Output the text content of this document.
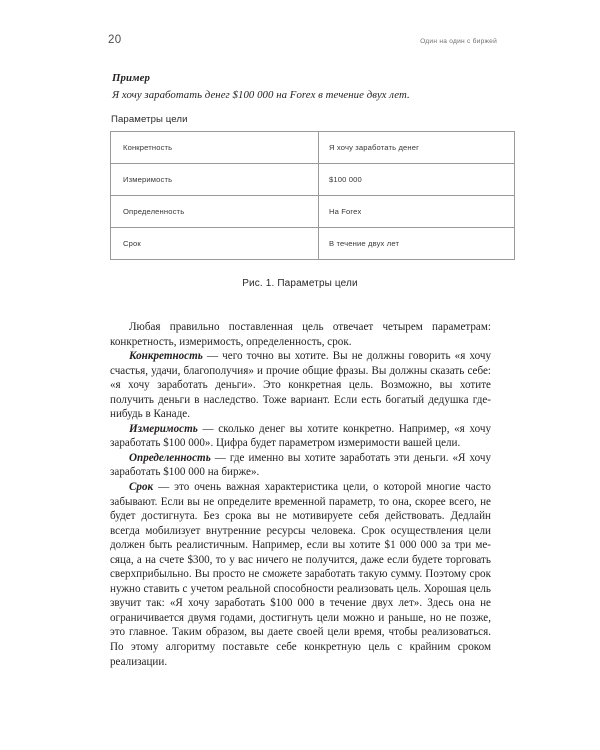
20	Один на один с биржей
Пример
Я хочу заработать денег $100 000 на Forex в течение двух лет.
Параметры цели
Конкретность	Я хочу заработать денег
Измеримость	$100 000
Определенность	На Forex
Срок	В течение двух лет
Рис. 1. Параметры цели

Любая правильно поставленная цель отвечает четырем параметрам: конкретность, измеримость, определенность, срок.

Конкретность — чего точно вы хотите. Вы не должны говорить «я хочу счастья, удачи, благополучия» и прочие общие фразы. Вы должны сказать себе: «я хочу заработать деньги». Это конкретная цель. Возможно, вы хотите получить деньги в наследство. Тоже вариант. Если есть богатый дедушка где-нибудь в Канаде.

Измеримость — сколько денег вы хотите конкретно. Например, «я хочу заработать $100 000». Цифра будет параметром измеримости вашей цели.

Определенность — где именно вы хотите заработать эти деньги. «Я хочу заработать $100 000 на бирже».

Срок — это очень важная характеристика цели, о которой многие часто забывают. Если вы не определите временной параметр, то она, скорее всего, не будет достигнута. Без срока вы не мотивируете себя действовать. Дедлайн всегда мобилизует внутренние ресурсы человека. Срок осуществления цели должен быть реалистичным. Например, если вы хотите $1 000 000 за три месяца, а на счете $300, то у вас ничего не получится, даже если будете торговать сверхприбыльно. Вы просто не сможете заработать такую сумму. Поэтому срок нужно ставить с учетом реальной способности реализовать цель. Хорошая цель звучит так: «Я хочу заработать $100 000 в течение двух лет». Здесь она не ограничивается двумя годами, достигнуть цели можно и раньше, но не позже, это главное. Таким образом, вы даете своей цели время, чтобы реализоваться. По этому алгоритму поставьте себе конкретную цель с крайним сроком реализации.
